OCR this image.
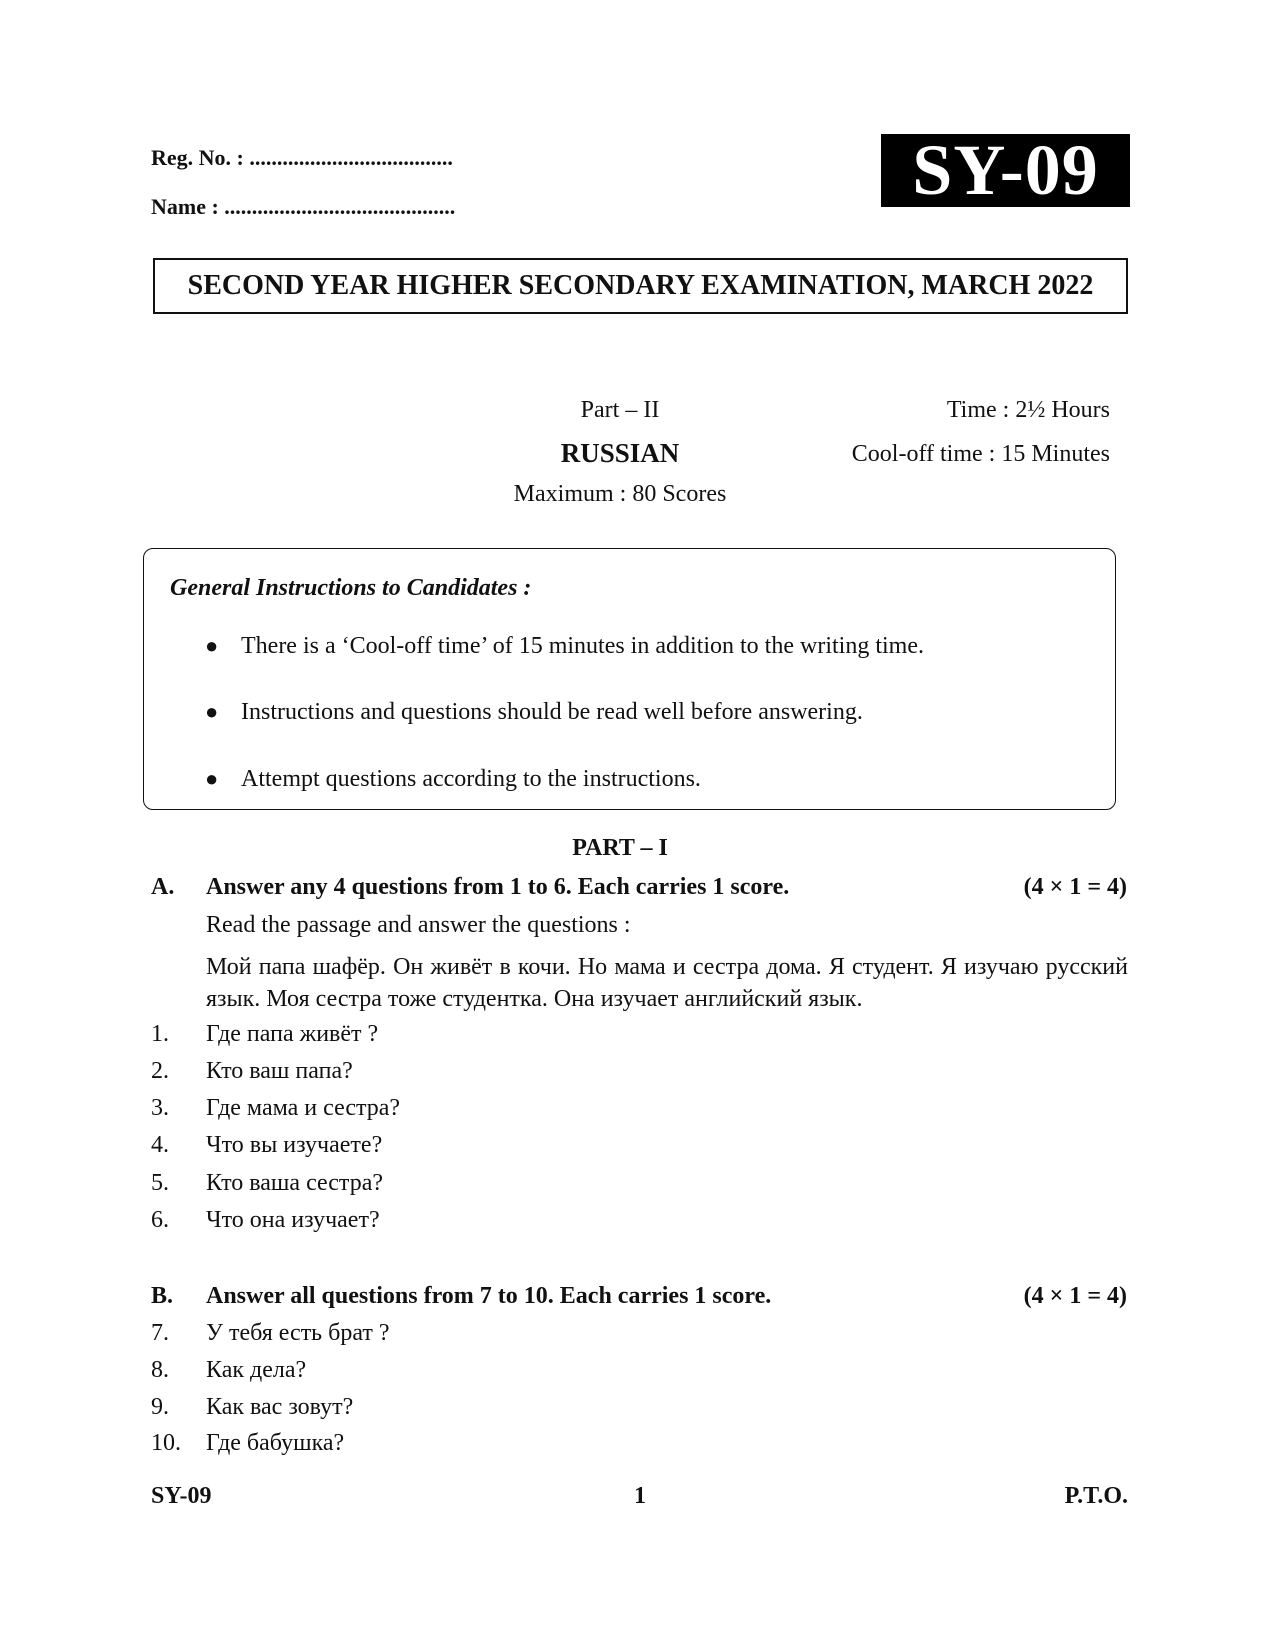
Reg. No. : .....................................
Name : ..........................................	SY-09
SECOND YEAR HIGHER SECONDARY EXAMINATION, MARCH 2022
Part – II
RUSSIAN
Maximum : 80 Scores
Time : 2½ Hours
Cool-off time : 15 Minutes
General Instructions to Candidates :
● There is a ‘Cool-off time’ of 15 minutes in addition to the writing time.
● Instructions and questions should be read well before answering.
● Attempt questions according to the instructions.
PART – I
A. Answer any 4 questions from 1 to 6. Each carries 1 score.	(4 × 1 = 4)
Read the passage and answer the questions :
Мой папа шафёр. Он живёт в кочи. Но мама и сестра дома. Я студент. Я изучаю русский язык. Моя сестра тоже студентка. Она изучает английский язык.
1. Где папа живёт ?
2. Кто ваш папа?
3. Где мама и сестра?
4. Что вы изучаете?
5. Кто ваша сестра?
6. Что она изучает?
B. Answer all questions from 7 to 10. Each carries 1 score.	(4 × 1 = 4)
7. У тебя есть брат ?
8. Как дела?
9. Как вас зовут?
10. Где бабушка?
SY-09	1	P.T.O.
